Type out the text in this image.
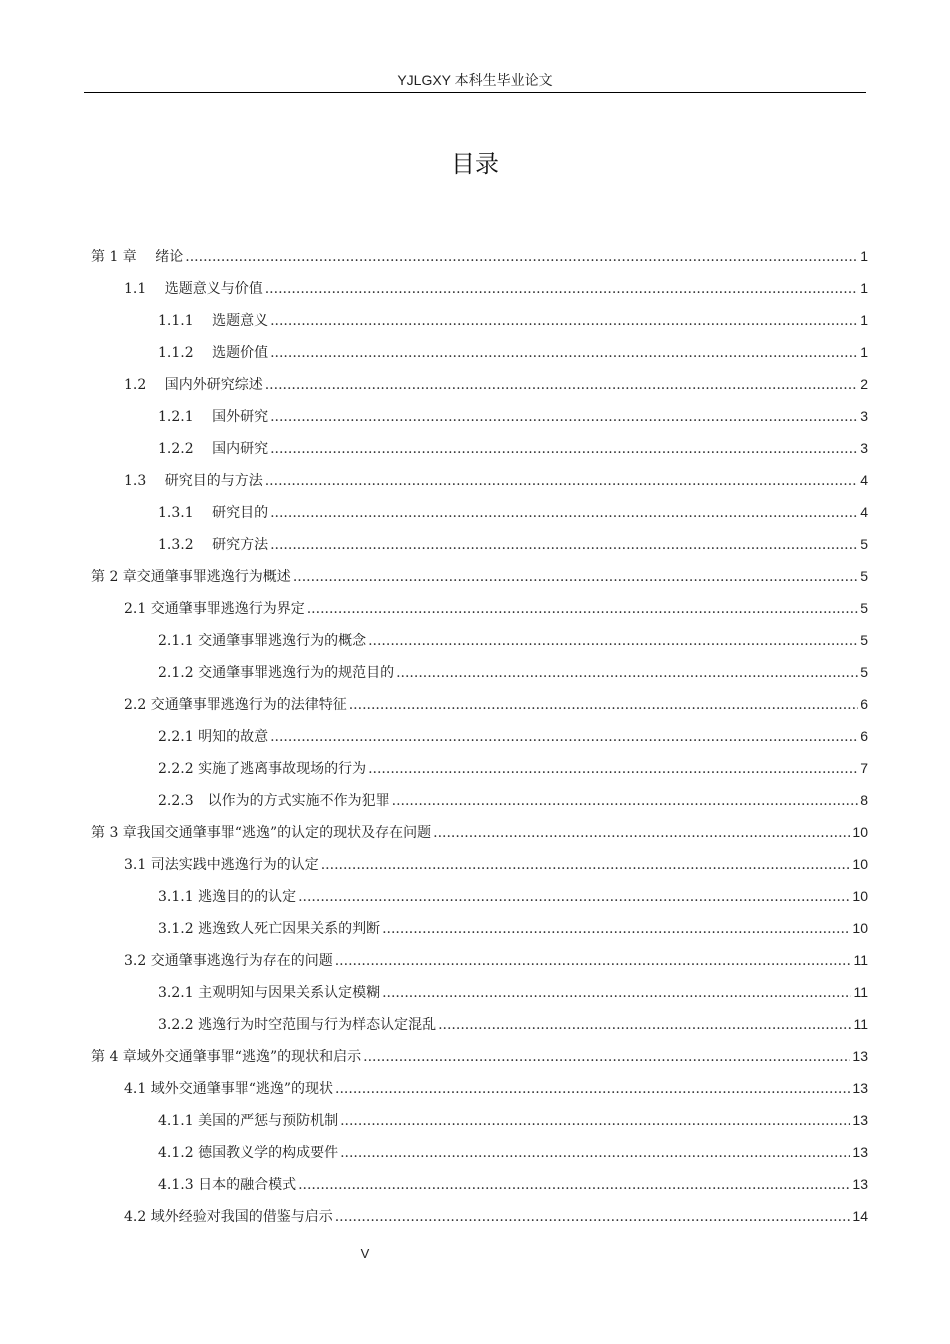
YJLGXY 本科生毕业论文
目录
第 1 章　 绪论 .....	1
1.1　 选题意义与价值 .....	1
1.1.1　 选题意义 .....	1
1.1.2　 选题价值 .....	1
1.2　 国内外研究综述 .....	2
1.2.1　 国外研究 .....	3
1.2.2　 国内研究 .....	3
1.3　 研究目的与方法 .....	4
1.3.1　 研究目的 .....	4
1.3.2　 研究方法 .....	5
第 2 章交通肇事罪逃逸行为概述 .....	5
2.1 交通肇事罪逃逸行为界定 .....	5
2.1.1 交通肇事罪逃逸行为的概念 .....	5
2.1.2 交通肇事罪逃逸行为的规范目的 .....	5
2.2 交通肇事罪逃逸行为的法律特征 .....	6
2.2.1 明知的故意 .....	6
2.2.2 实施了逃离事故现场的行为 .....	7
2.2.3　以作为的方式实施不作为犯罪 .....	8
第 3 章我国交通肇事罪“逃逸”的认定的现状及存在问题 .....	10
3.1 司法实践中逃逸行为的认定 .....	10
3.1.1 逃逸目的的认定 .....	10
3.1.2 逃逸致人死亡因果关系的判断 .....	10
3.2 交通肇事逃逸行为存在的问题 .....	11
3.2.1 主观明知与因果关系认定模糊 .....	11
3.2.2 逃逸行为时空范围与行为样态认定混乱 .....	11
第 4 章域外交通肇事罪“逃逸”的现状和启示 .....	13
4.1 域外交通肇事罪“逃逸”的现状 .....	13
4.1.1 美国的严惩与预防机制 .....	13
4.1.2 德国教义学的构成要件 .....	13
4.1.3 日本的融合模式 .....	13
4.2 域外经验对我国的借鉴与启示 .....	14
V
